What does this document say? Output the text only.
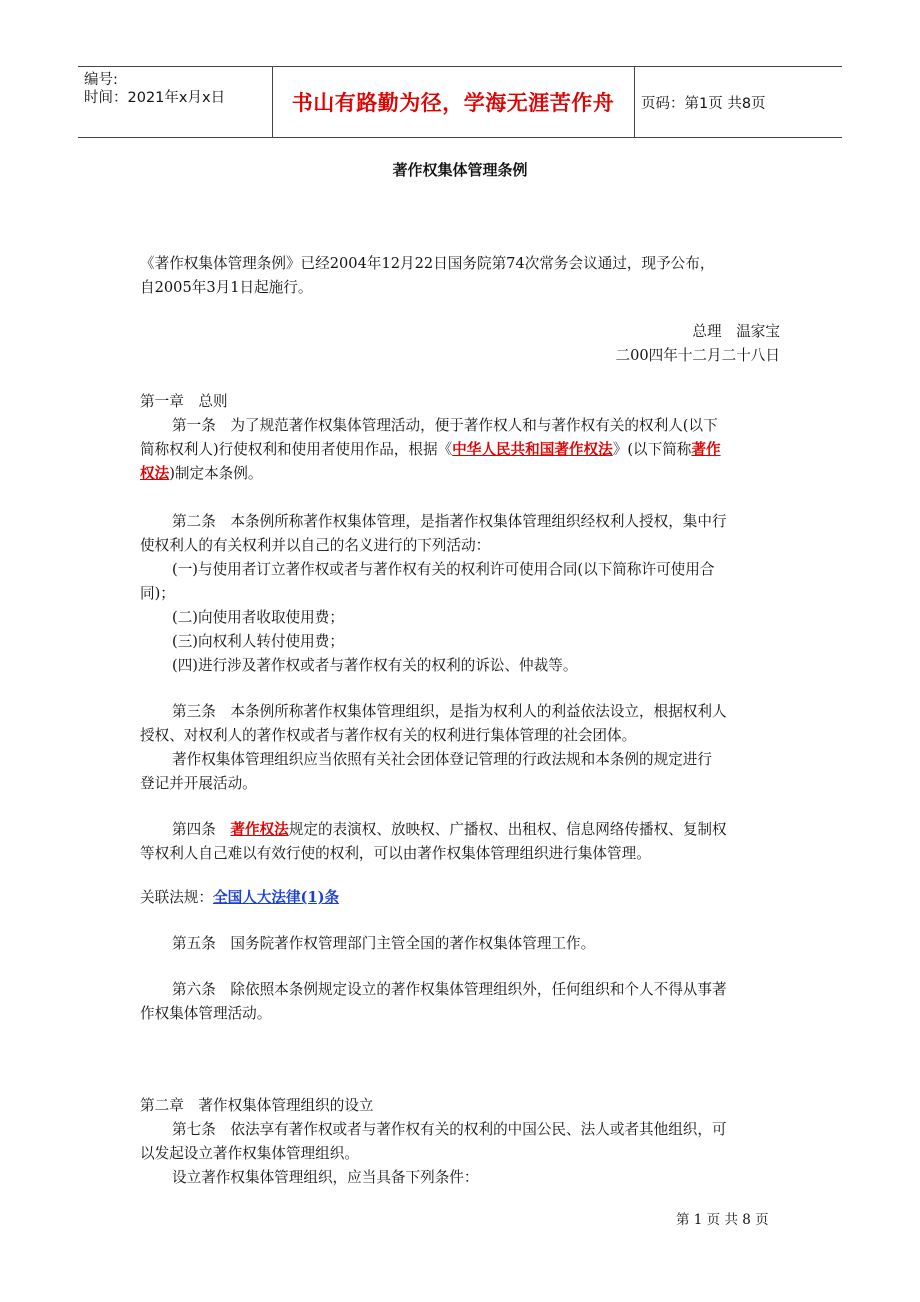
编号:
时间：2021年x月x日	书山有路勤为径，学海无涯苦作舟	页码：第1页 共8页
著作权集体管理条例
《著作权集体管理条例》已经2004年12月22日国务院第74次常务会议通过，现予公布，
自2005年3月1日起施行。
总理　温家宝
二00四年十二月二十八日
第一章　总则
第一条　为了规范著作权集体管理活动，便于著作权人和与著作权有关的权利人(以下
简称权利人)行使权利和使用者使用作品，根据《中华人民共和国著作权法》(以下简称著作
权法)制定本条例。
第二条　本条例所称著作权集体管理，是指著作权集体管理组织经权利人授权，集中行
使权利人的有关权利并以自己的名义进行的下列活动：
(一)与使用者订立著作权或者与著作权有关的权利许可使用合同(以下简称许可使用合
同)；
(二)向使用者收取使用费；
(三)向权利人转付使用费；
(四)进行涉及著作权或者与著作权有关的权利的诉讼、仲裁等。
第三条　本条例所称著作权集体管理组织，是指为权利人的利益依法设立，根据权利人
授权、对权利人的著作权或者与著作权有关的权利进行集体管理的社会团体。
著作权集体管理组织应当依照有关社会团体登记管理的行政法规和本条例的规定进行
登记并开展活动。
第四条　著作权法规定的表演权、放映权、广播权、出租权、信息网络传播权、复制权
等权利人自己难以有效行使的权利，可以由著作权集体管理组织进行集体管理。
关联法规：全国人大法律(1)条
第五条　国务院著作权管理部门主管全国的著作权集体管理工作。
第六条　除依照本条例规定设立的著作权集体管理组织外，任何组织和个人不得从事著
作权集体管理活动。
第二章　著作权集体管理组织的设立
第七条　依法享有著作权或者与著作权有关的权利的中国公民、法人或者其他组织，可
以发起设立著作权集体管理组织。
设立著作权集体管理组织，应当具备下列条件：
第 1 页 共 8 页
